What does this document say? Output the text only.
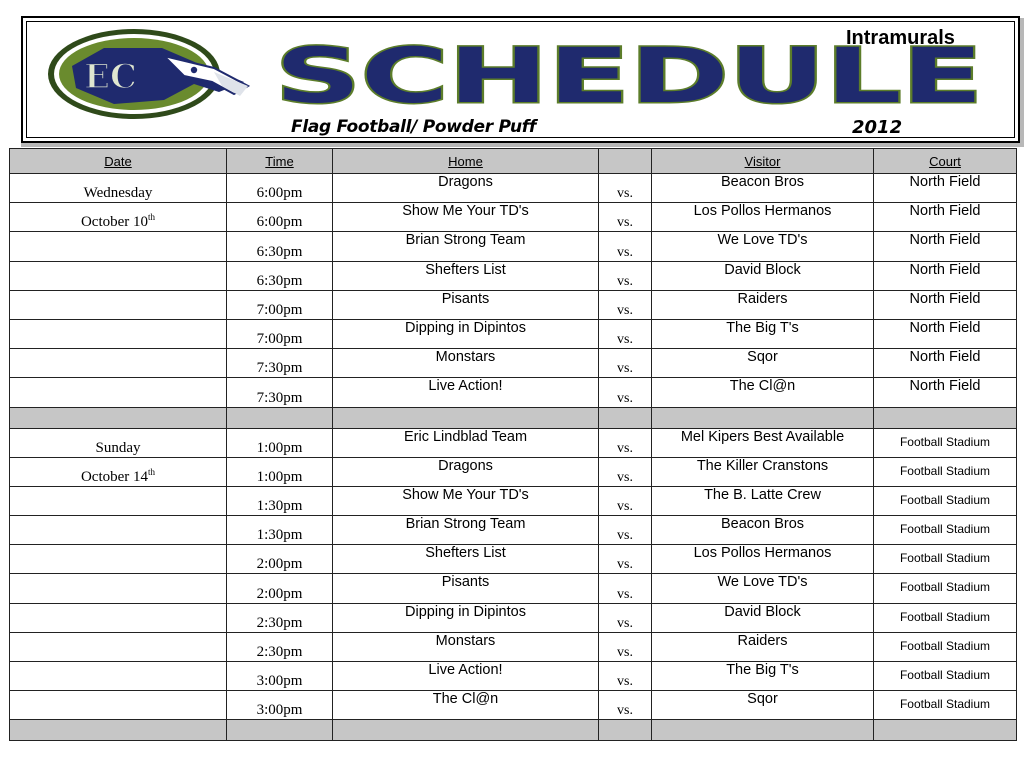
EC SCHEDULE
Intramurals
Flag Football/ Powder Puff	2012
Date	Time	Home		Visitor	Court
Wednesday	6:00pm	Dragons	vs.	Beacon Bros	North Field
October 10th	6:00pm	Show Me Your TD's	vs.	Los Pollos Hermanos	North Field
	6:30pm	Brian Strong Team	vs.	We Love TD's	North Field
	6:30pm	Shefters List	vs.	David Block	North Field
	7:00pm	Pisants	vs.	Raiders	North Field
	7:00pm	Dipping in Dipintos	vs.	The Big T's	North Field
	7:30pm	Monstars	vs.	Sqor	North Field
	7:30pm	Live Action!	vs.	The Cl@n	North Field

Sunday	1:00pm	Eric Lindblad Team	vs.	Mel Kipers Best Available	Football Stadium
October 14th	1:00pm	Dragons	vs.	The Killer Cranstons	Football Stadium
	1:30pm	Show Me Your TD's	vs.	The B. Latte Crew	Football Stadium
	1:30pm	Brian Strong Team	vs.	Beacon Bros	Football Stadium
	2:00pm	Shefters List	vs.	Los Pollos Hermanos	Football Stadium
	2:00pm	Pisants	vs.	We Love TD's	Football Stadium
	2:30pm	Dipping in Dipintos	vs.	David Block	Football Stadium
	2:30pm	Monstars	vs.	Raiders	Football Stadium
	3:00pm	Live Action!	vs.	The Big T's	Football Stadium
	3:00pm	The Cl@n	vs.	Sqor	Football Stadium
